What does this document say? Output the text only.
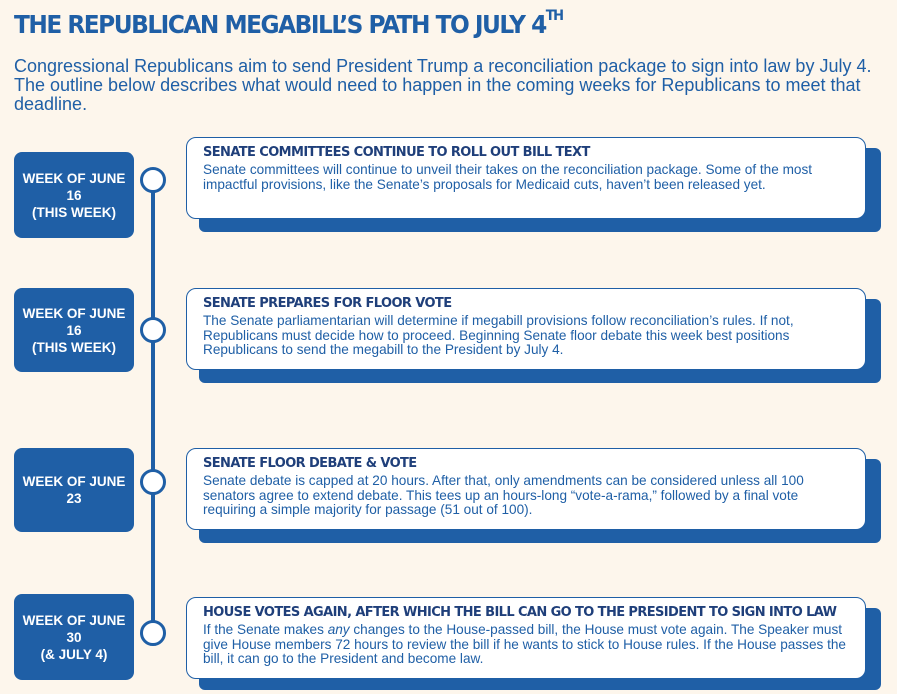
THE REPUBLICAN MEGABILL’S PATH TO JULY 4TH

Congressional Republicans aim to send President Trump a reconciliation package to sign into law by July 4. The outline below describes what would need to happen in the coming weeks for Republicans to meet that deadline.

WEEK OF JUNE 16
(THIS WEEK)
SENATE COMMITTEES CONTINUE TO ROLL OUT BILL TEXT

Senate committees will continue to unveil their takes on the reconciliation package. Some of the most impactful provisions, like the Senate’s proposals for Medicaid cuts, haven’t been released yet.

WEEK OF JUNE 16
(THIS WEEK)
SENATE PREPARES FOR FLOOR VOTE

The Senate parliamentarian will determine if megabill provisions follow reconciliation’s rules. If not, Republicans must decide how to proceed. Beginning Senate floor debate this week best positions Republicans to send the megabill to the President by July 4.

WEEK OF JUNE 23
SENATE FLOOR DEBATE & VOTE

Senate debate is capped at 20 hours. After that, only amendments can be considered unless all 100 senators agree to extend debate. This tees up an hours-long “vote-a-rama,” followed by a final vote requiring a simple majority for passage (51 out of 100).

WEEK OF JUNE 30
(& JULY 4)
HOUSE VOTES AGAIN, AFTER WHICH THE BILL CAN GO TO THE PRESIDENT TO SIGN INTO LAW

If the Senate makes any changes to the House-passed bill, the House must vote again. The Speaker must give House members 72 hours to review the bill if he wants to stick to House rules. If the House passes the bill, it can go to the President and become law.
